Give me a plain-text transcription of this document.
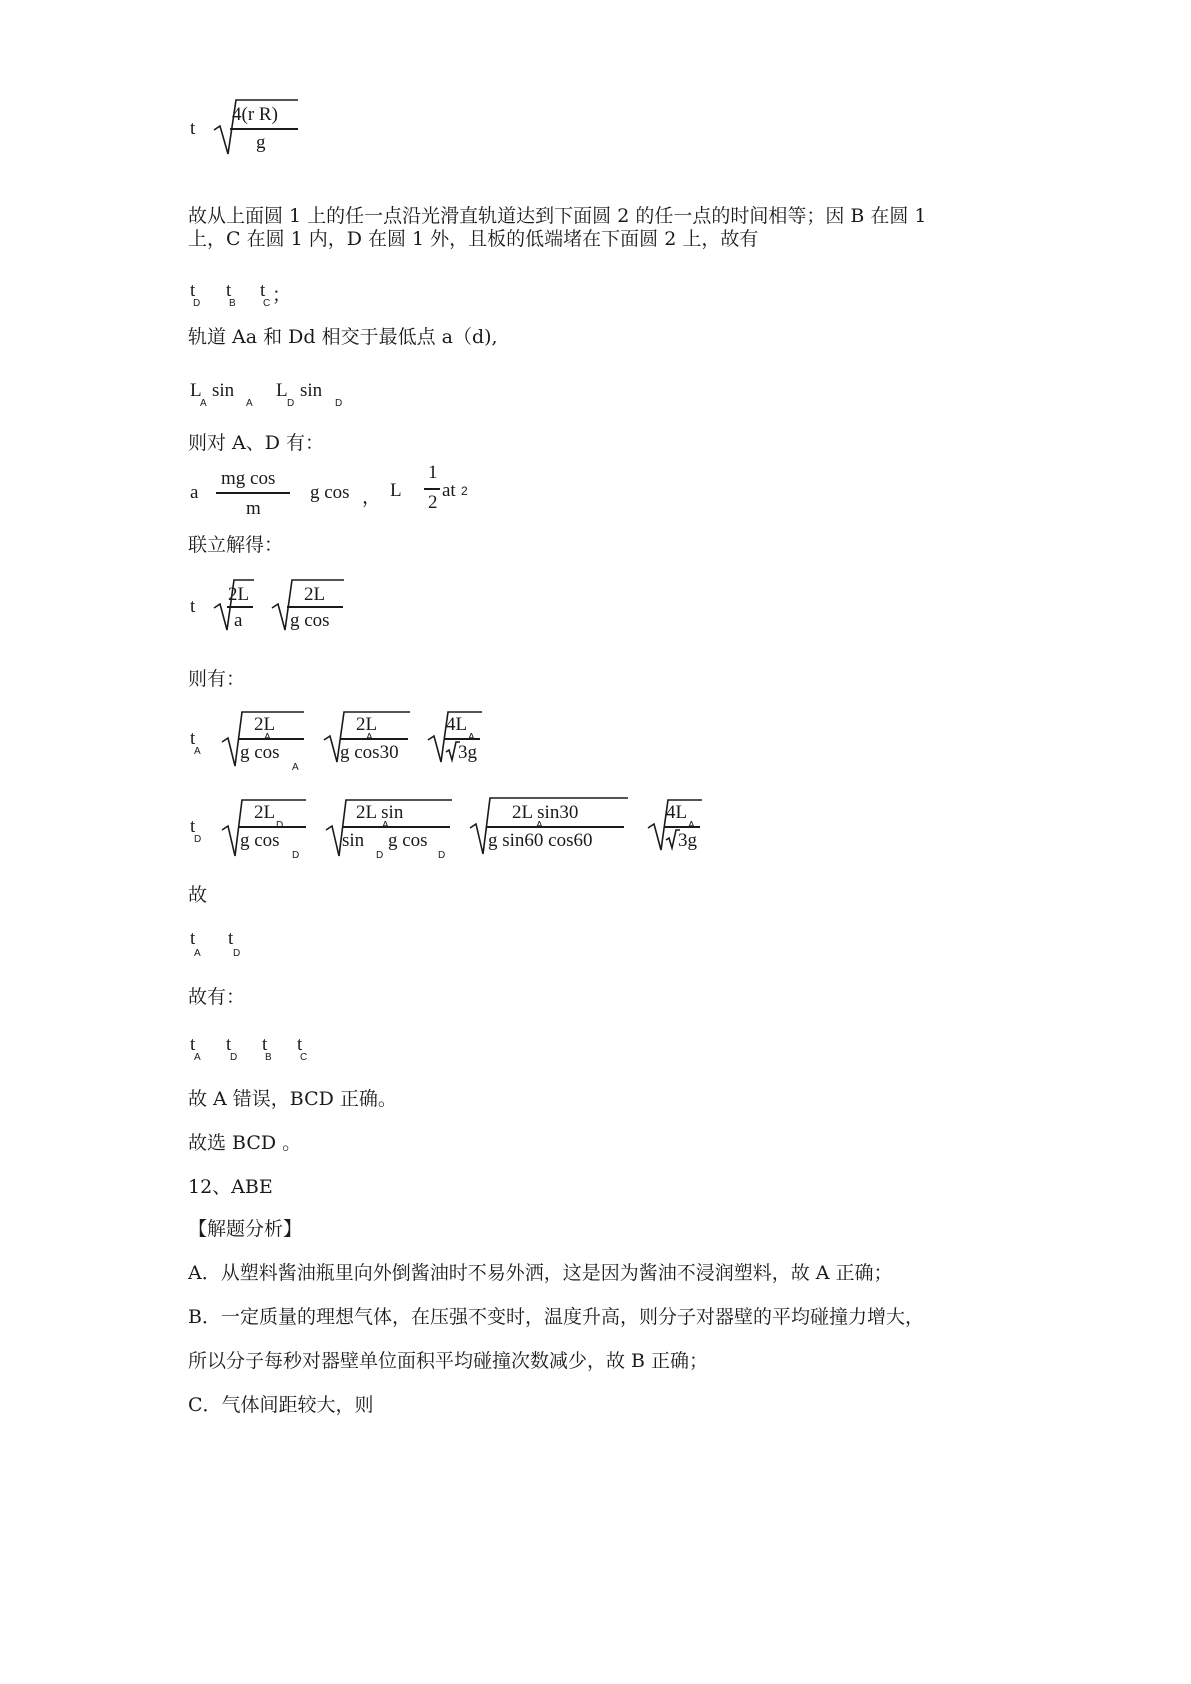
t
4(r R)
g

故从上面圆 1 上的任一点沿光滑直轨道达到下面圆 2 的任一点的时间相等；因 B 在圆 1

上，C 在圆 1 内，D 在圆 1 外，且板的低端堵在下面圆 2 上，故有

t
D
t
B
t
C ；

轨道 Aa 和 Dd 相交于最低点 a（d),

L
A
sin
A
L
D
sin
D

则对 A、D 有：

a
mg cos
m
g cos ， L
1
2
at 2

联立解得：

t
2L
a
2L
g cos

则有：

t
A
2L
g cos
A
2L
g cos30
4L
3g
t
D
2L
g cos
D
2L sin
sin
D
g cos
D
2L sin30
g sin60 cos60
4L
3g

故

t
A
t
D

故有：

t
A
t
D
t
B
t
C

故 A 错误，BCD 正确。

故选 BCD 。

12、ABE

【解题分析】

A．从塑料酱油瓶里向外倒酱油时不易外洒，这是因为酱油不浸润塑料，故 A 正确；

B．一定质量的理想气体，在压强不变时，温度升高，则分子对器壁的平均碰撞力增大，

所以分子每秒对器壁单位面积平均碰撞次数减少，故 B 正确；

C．气体间距较大，则
